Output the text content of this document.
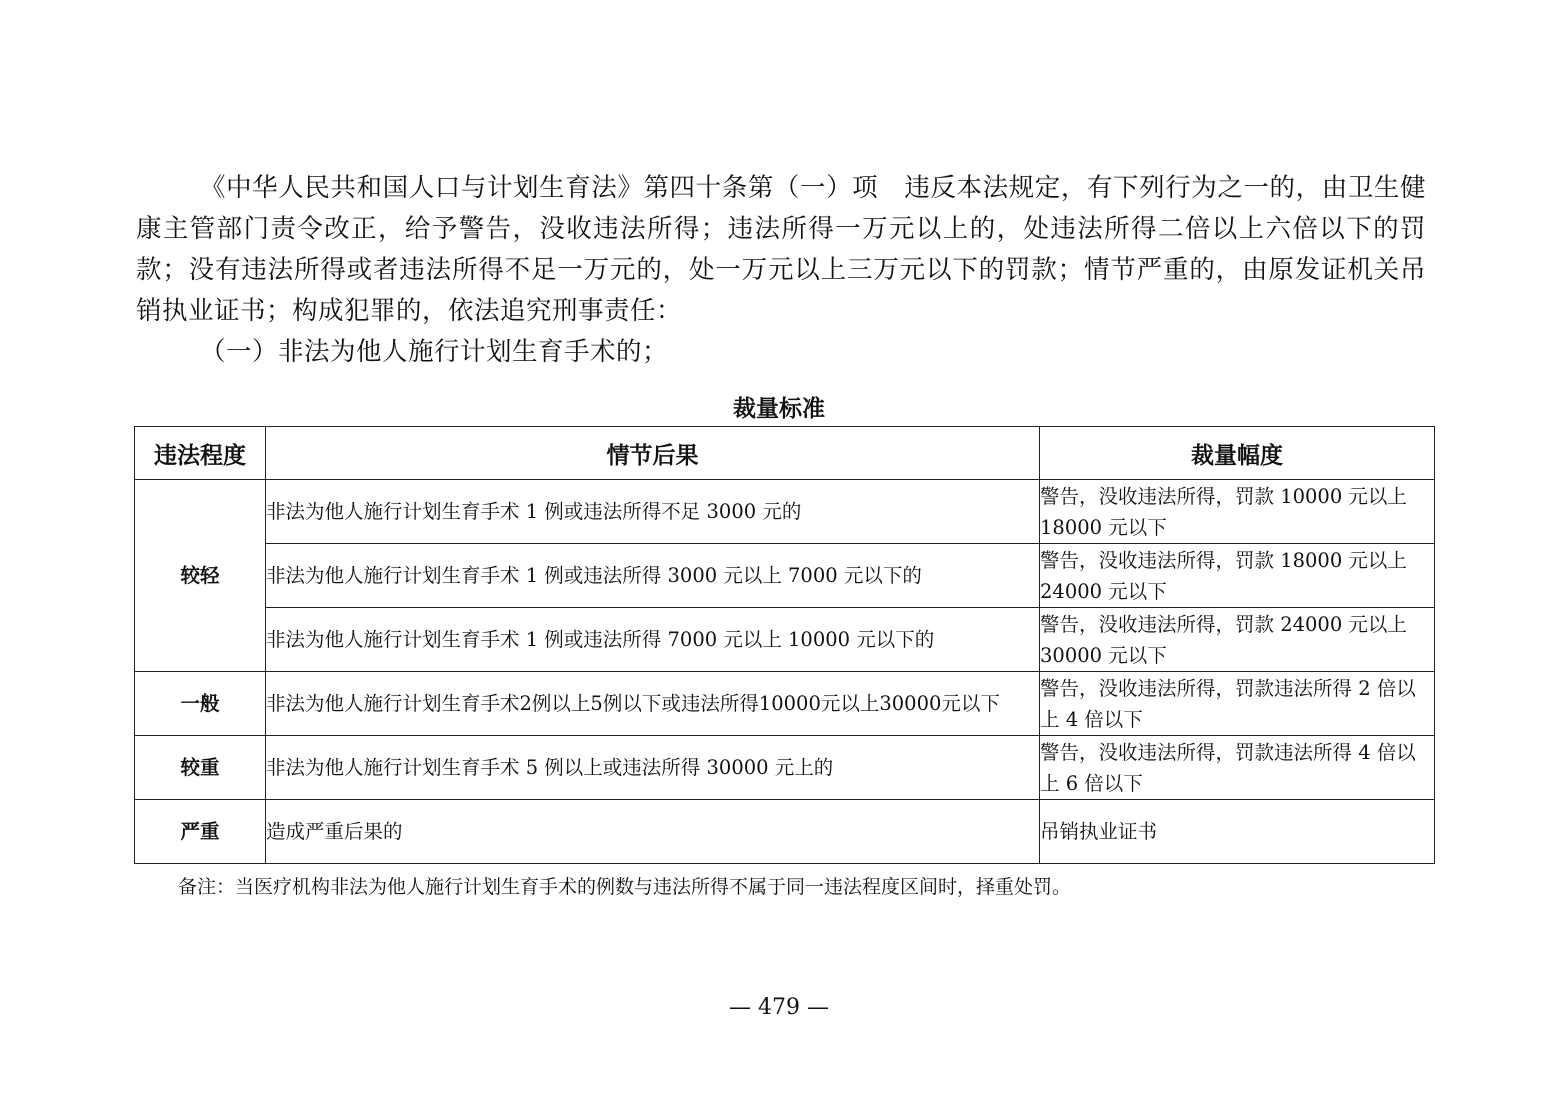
《中华人民共和国人口与计划生育法》第四十条第（一）项　违反本法规定，有下列行为之一的，由卫生健康主管部门责令改正，给予警告，没收违法所得；违法所得一万元以上的，处违法所得二倍以上六倍以下的罚款；没有违法所得或者违法所得不足一万元的，处一万元以上三万元以下的罚款；情节严重的，由原发证机关吊销执业证书；构成犯罪的，依法追究刑事责任：

（一）非法为他人施行计划生育手术的；

裁量标准
违法程度	情节后果	裁量幅度
较轻	非法为他人施行计划生育手术 1 例或违法所得不足 3000 元的	警告，没收违法所得，罚款 10000 元以上 18000 元以下
	非法为他人施行计划生育手术 1 例或违法所得 3000 元以上 7000 元以下的	警告，没收违法所得，罚款 18000 元以上 24000 元以下
	非法为他人施行计划生育手术 1 例或违法所得 7000 元以上 10000 元以下的	警告，没收违法所得，罚款 24000 元以上 30000 元以下
一般	非法为他人施行计划生育手术2例以上5例以下或违法所得10000元以上30000元以下	警告，没收违法所得，罚款违法所得 2 倍以上 4 倍以下
较重	非法为他人施行计划生育手术 5 例以上或违法所得 30000 元上的	警告，没收违法所得，罚款违法所得 4 倍以上 6 倍以下
严重	造成严重后果的	吊销执业证书
备注：当医疗机构非法为他人施行计划生育手术的例数与违法所得不属于同一违法程度区间时，择重处罚。
— 479 —
